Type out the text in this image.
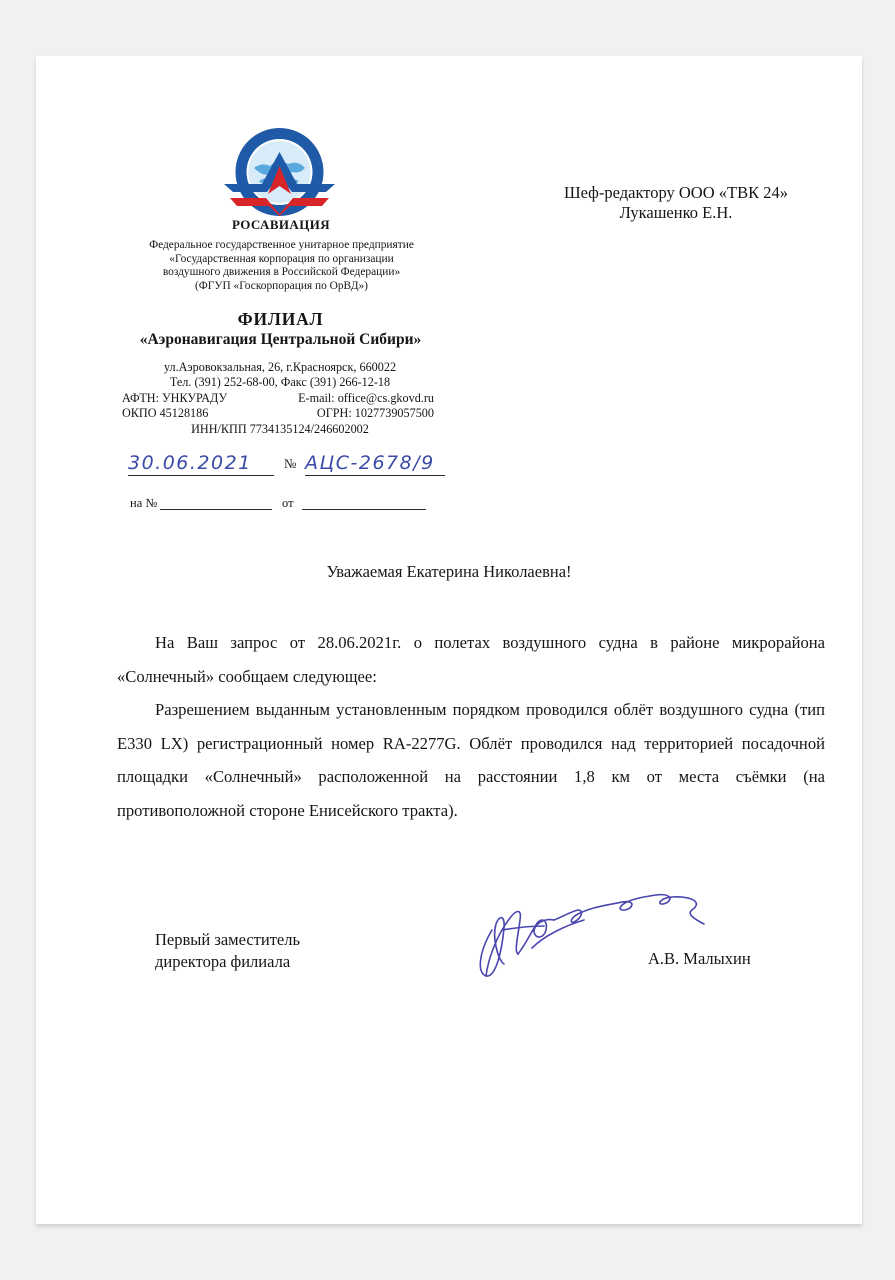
ГОСКОР по ОРВД
РОСАВИАЦИЯ
Федеральное государственное унитарное предприятие
«Государственная корпорация по организации
воздушного движения в Российской Федерации»
(ФГУП «Госкорпорация по ОрВД»)
ФИЛИАЛ
«Аэронавигация Центральной Сибири»
ул.Аэровокзальная, 26, г.Красноярск, 660022
Тел. (391) 252-68-00, Факс (391) 266-12-18
АФТН: УНКУРАДУ	E-mail: office@cs.gkovd.ru
ОКПО 45128186	ОГРН: 1027739057500
ИНН/КПП 7734135124/246602002
30.06.2021	№ АЦС-2678/9
на №	от
Шеф-редактору ООО «ТВК 24»
Лукашенко Е.Н.
Уважаемая Екатерина Николаевна!

На Ваш запрос от 28.06.2021г. о полетах воздушного судна в районе микрорайона «Солнечный» сообщаем следующее:

Разрешением выданным установленным порядком проводился облёт воздушного судна (тип E330 LX) регистрационный номер RA-2277G. Облёт проводился над территорией посадочной площадки «Солнечный» расположенной на расстоянии 1,8 км от места съёмки (на противоположной стороне Енисейского тракта).

Первый заместитель
директора филиала	А.В. Малыхин
